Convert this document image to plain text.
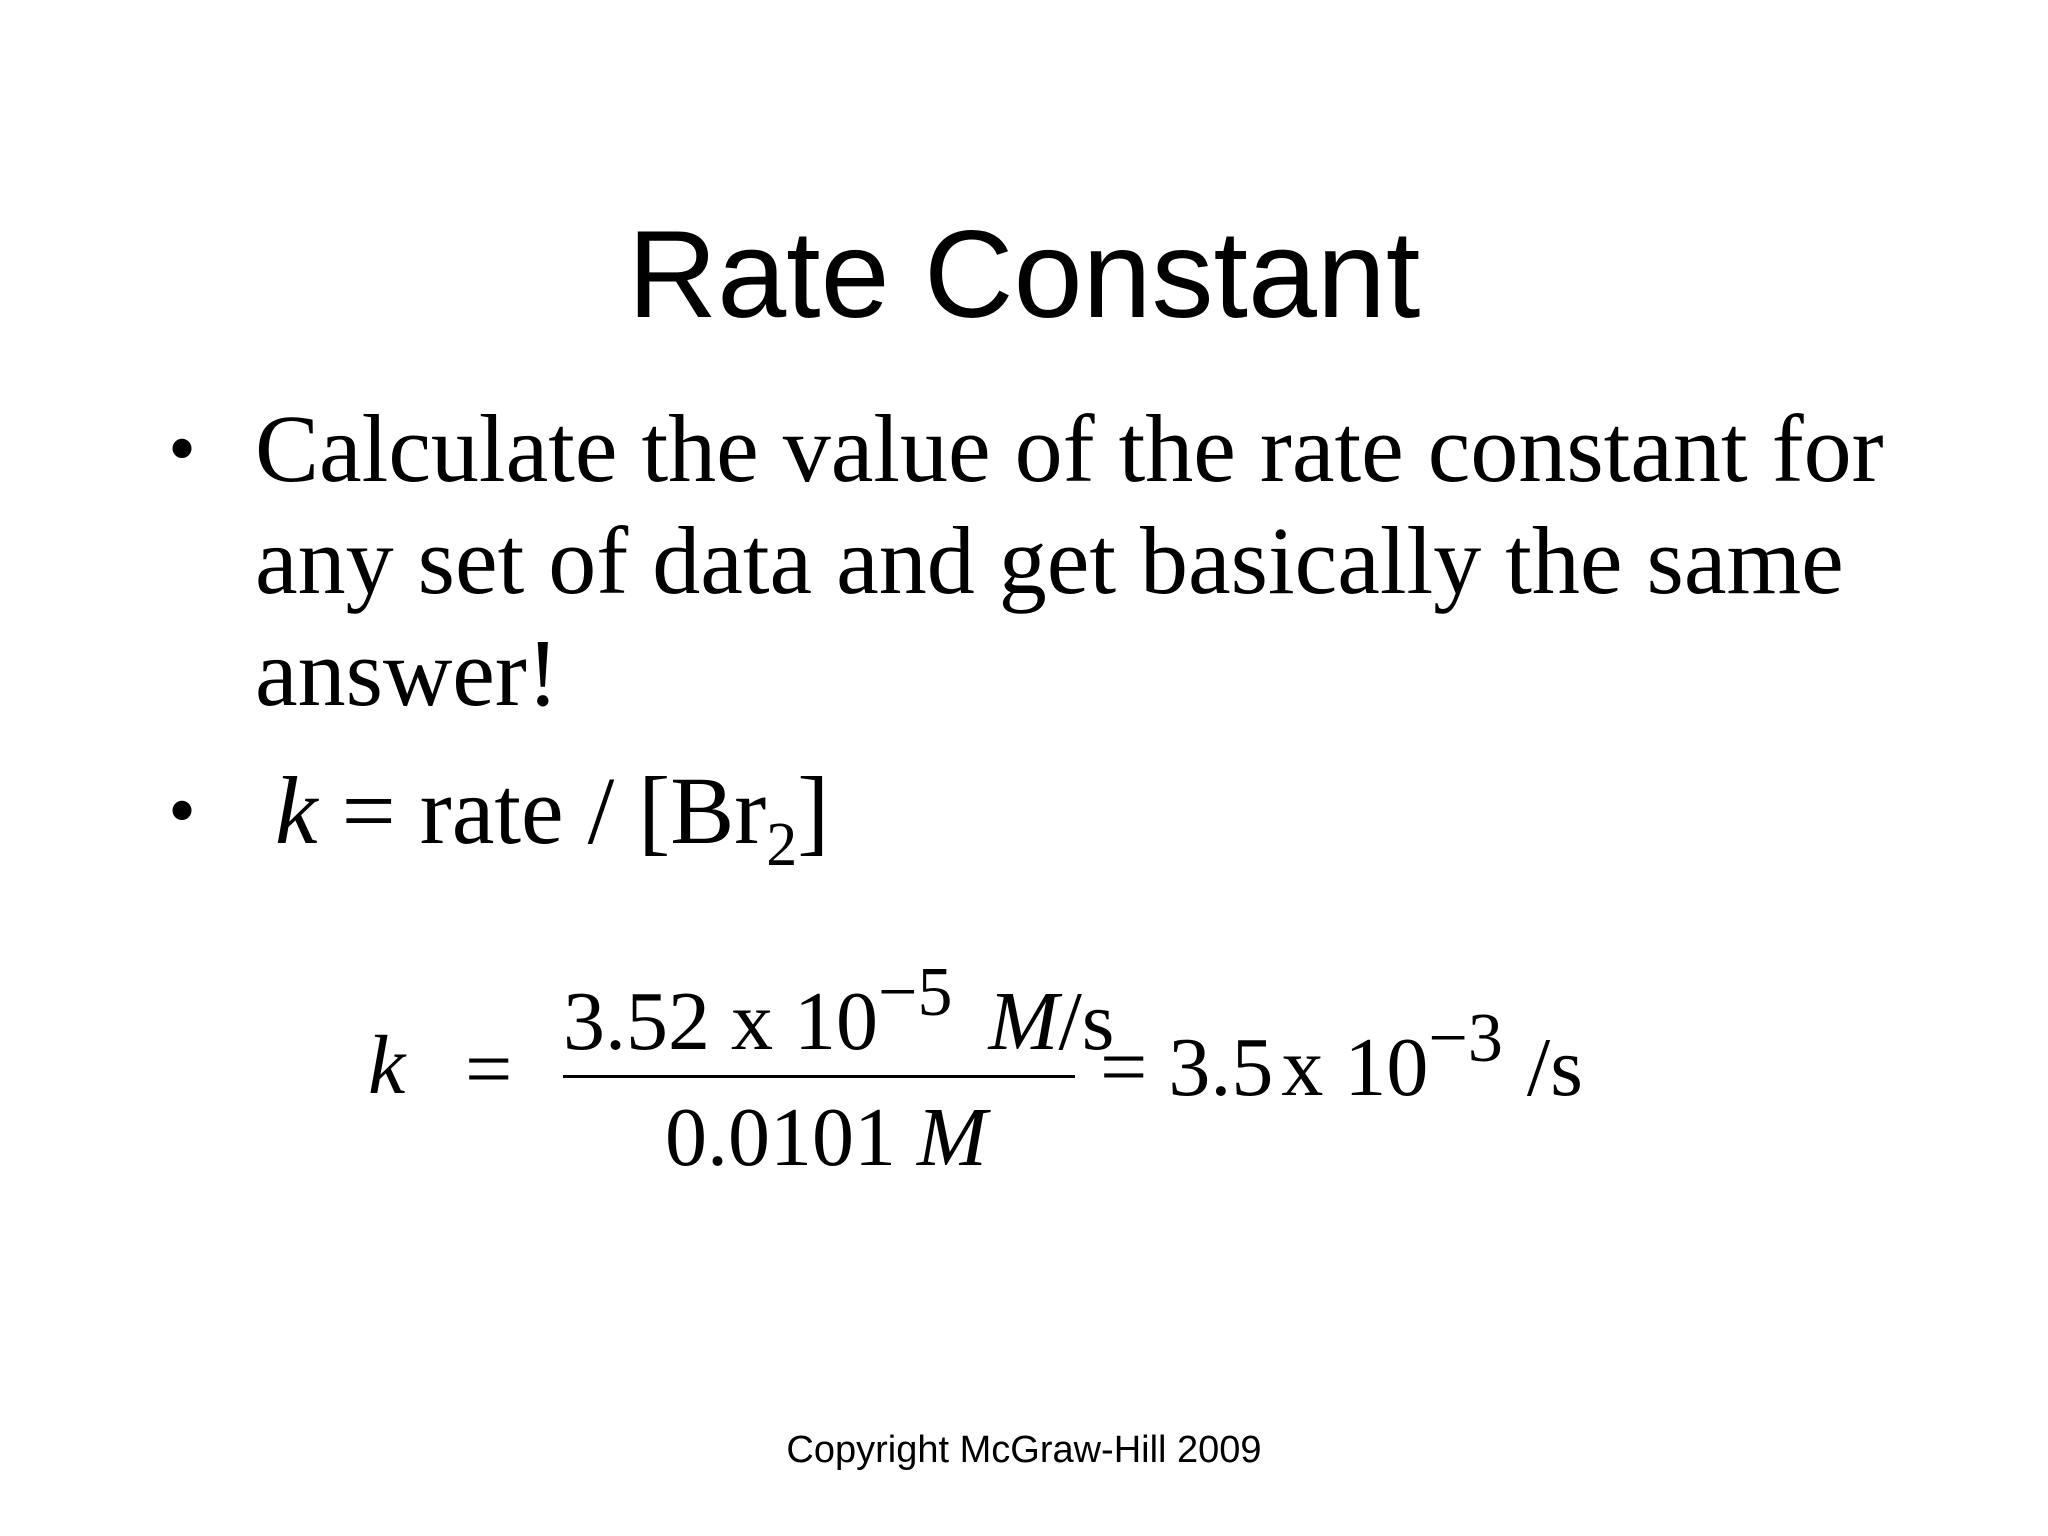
Rate Constant
• Calculate the value of the rate constant for
any set of data and get basically the same
answer!
• k = rate / $[Br_2]$
k =
3.52 x $10^{-5}$ M/s
0.0101 M
= 3.5x $10^{-3}$ /s
Copyright McGraw-Hill 2009
